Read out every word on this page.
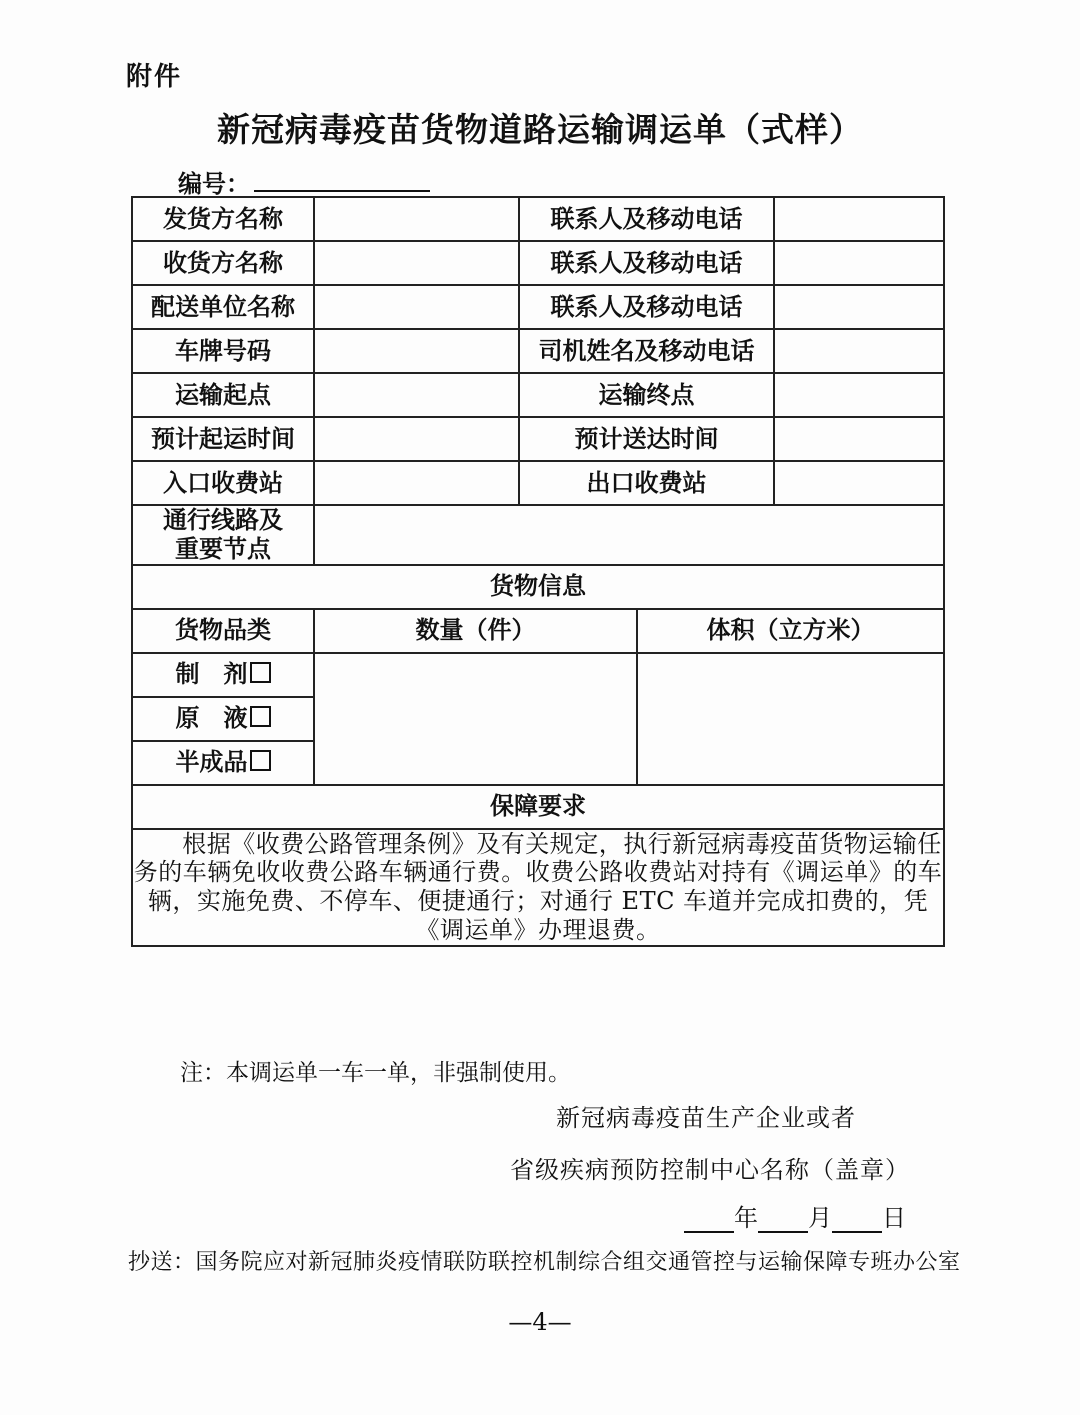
附件
新冠病毒疫苗货物道路运输调运单（式样）
编号：
发货方名称		联系人及移动电话		
收货方名称		联系人及移动电话		
配送单位名称		联系人及移动电话		
车牌号码		司机姓名及移动电话		
运输起点		运输终点		
预计起运时间		预计送达时间		
入口收费站		出口收费站		

通行线路及
重要节点				

货物信息				
货物品类	数量（件）		体积（立方米）	
制　剂				
原　液				
半成品				
保障要求				
根据《收费公路管理条例》及有关规定，执行新冠病毒疫苗货物运输任务的车辆免收收费公路车辆通行费。收费公路收费站对持有《调运单》的车辆，实施免费、不停车、便捷通行；对通行 ETC 车道并完成扣费的，凭《调运单》办理退费。				
注：本调运单一车一单，非强制使用。
新冠病毒疫苗生产企业或者
省级疾病预防控制中心名称（盖章）
年 月 日
抄送：国务院应对新冠肺炎疫情联防联控机制综合组交通管控与运输保障专班办公室
—4—
